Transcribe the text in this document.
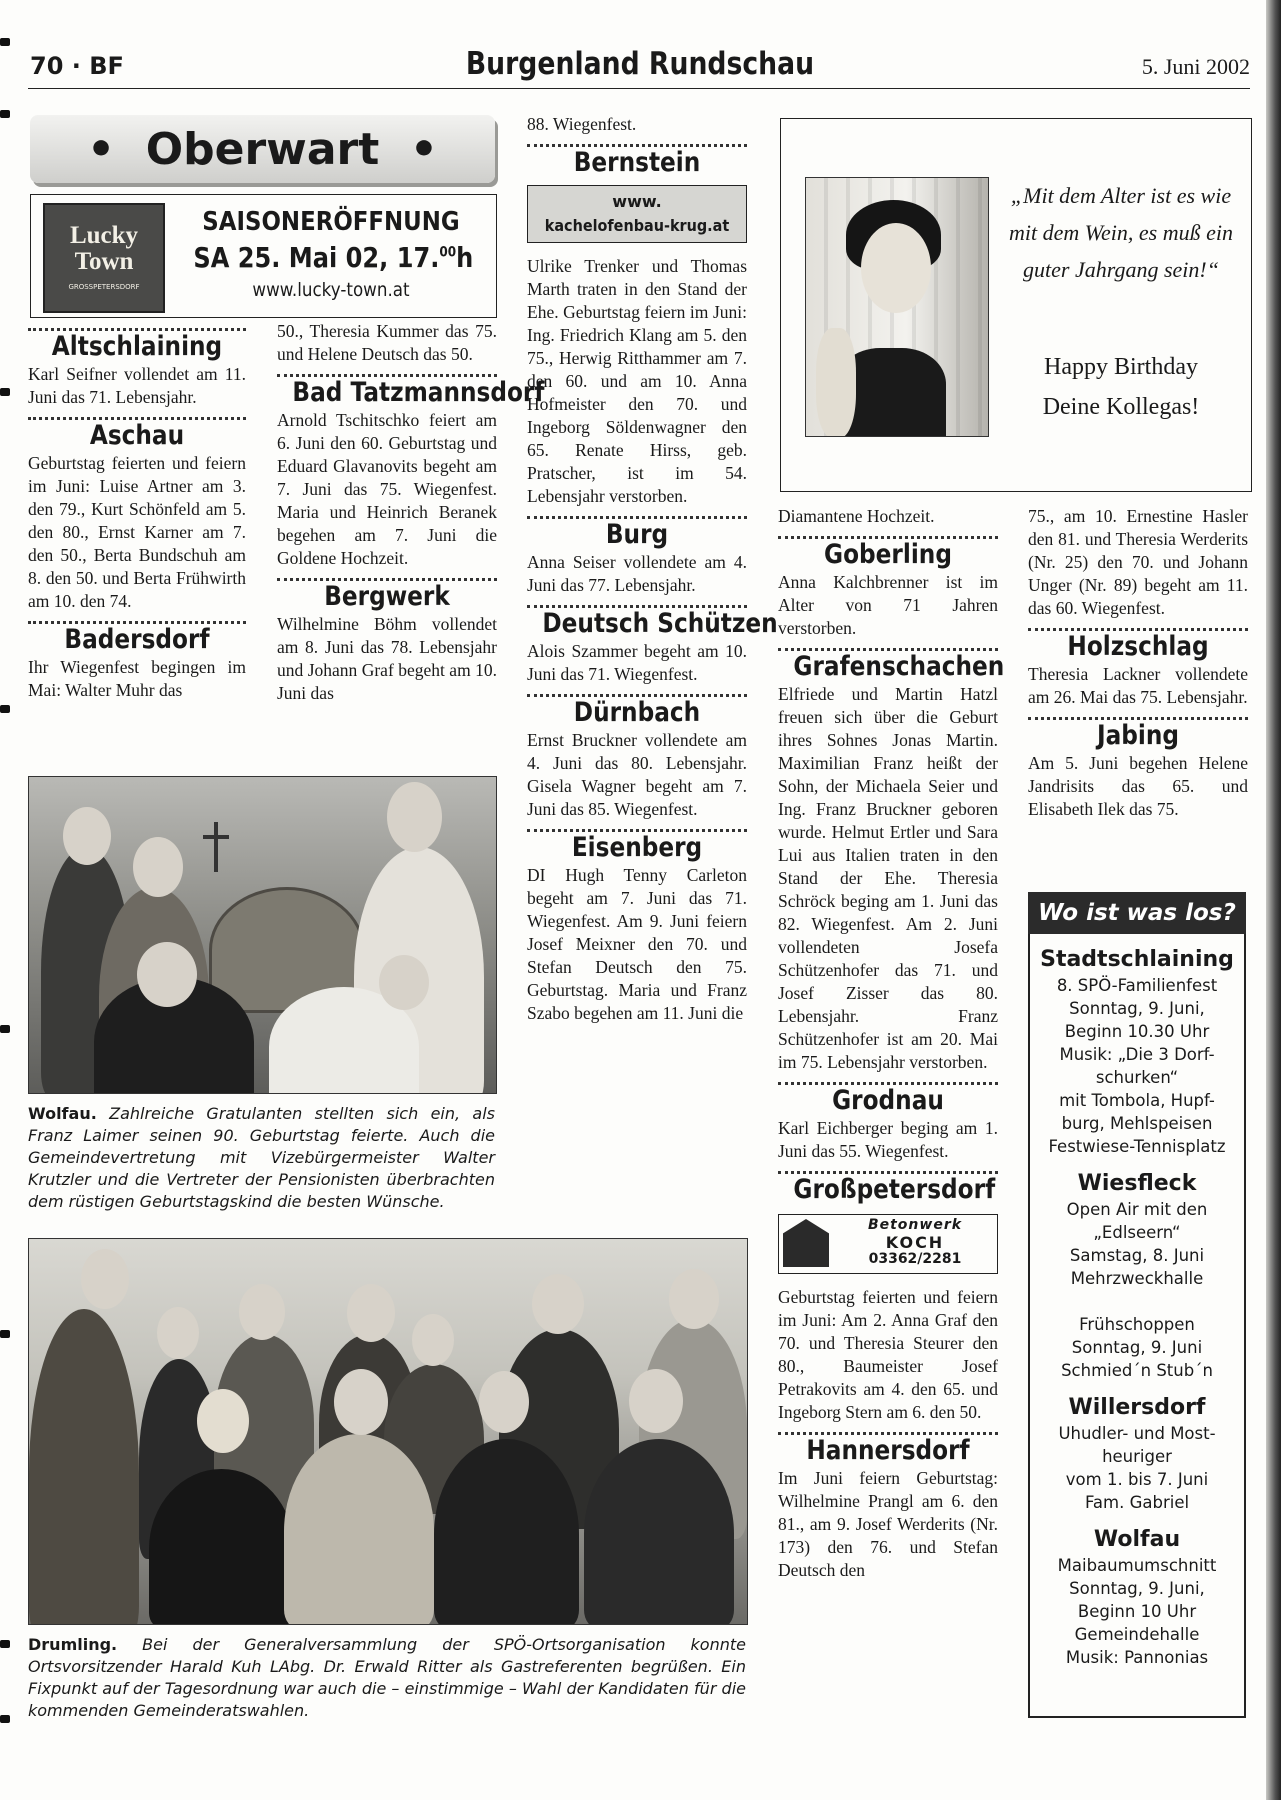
70 · BF	Burgenland Rundschau	5. Juni 2002
•  Oberwart  •
Lucky
Town
GROSSPETERSDORF
SAISONERÖFFNUNG
SA 25. Mai 02, 17.00h
www.lucky-town.at
Altschlaining
Karl Seifner vollendet am 11. Juni das 71. Lebensjahr.
Aschau
Geburtstag feierten und feiern im Juni: Luise Artner am 3. den 79., Kurt Schönfeld am 5. den 80., Ernst Karner am 7. den 50., Berta Bundschuh am 8. den 50. und Berta Frühwirth am 10. den 74.
Badersdorf
Ihr Wiegenfest begingen im Mai: Walter Muhr das
50., Theresia Kummer das 75. und Helene Deutsch das 50.
Bad Tatzmannsdorf
Arnold Tschitschko feiert am 6. Juni den 60. Geburtstag und Eduard Glavanovits begeht am 7. Juni das 75. Wiegenfest. Maria und Heinrich Beranek begehen am 7. Juni die Goldene Hochzeit.
Bergwerk
Wilhelmine Böhm vollendet am 8. Juni das 78. Lebensjahr und Johann Graf begeht am 10. Juni das
Wolfau. Zahlreiche Gratulanten stellten sich ein, als Franz Laimer seinen 90. Geburtstag feierte. Auch die Gemeindevertretung mit Vizebürgermeister Walter Krutzler und die Vertreter der Pensionisten überbrachten dem rüstigen Geburtstagskind die besten Wünsche.
Drumling. Bei der Generalversammlung der SPÖ-Ortsorganisation konnte Ortsvorsitzender Harald Kuh LAbg. Dr. Erwald Ritter als Gastreferenten begrüßen. Ein Fixpunkt auf der Tagesordnung war auch die – einstimmige – Wahl der Kandidaten für die kommenden Gemeinderatswahlen.
88. Wiegenfest.
Bernstein
www.
kachelofenbau-krug.at
Ulrike Trenker und Thomas Marth traten in den Stand der Ehe. Geburtstag feiern im Juni: Ing. Friedrich Klang am 5. den 75., Herwig Ritthammer am 7. den 60. und am 10. Anna Hofmeister den 70. und Ingeborg Söldenwagner den 65. Renate Hirss, geb. Pratscher, ist im 54. Lebensjahr verstorben.
Burg
Anna Seiser vollendete am 4. Juni das 77. Lebensjahr.
Deutsch Schützen
Alois Szammer begeht am 10. Juni das 71. Wiegenfest.
Dürnbach
Ernst Bruckner vollendete am 4. Juni das 80. Lebensjahr. Gisela Wagner begeht am 7. Juni das 85. Wiegenfest.
Eisenberg
DI Hugh Tenny Carleton begeht am 7. Juni das 71. Wiegenfest. Am 9. Juni feiern Josef Meixner den 70. und Stefan Deutsch den 75. Geburtstag. Maria und Franz Szabo begehen am 11. Juni die
„Mit dem Alter ist es wie mit dem Wein, es muß ein guter Jahrgang sein!“
Happy Birthday
Deine Kollegas!
Diamantene Hochzeit.
Goberling
Anna Kalchbrenner ist im Alter von 71 Jahren verstorben.
Grafenschachen
Elfriede und Martin Hatzl freuen sich über die Geburt ihres Sohnes Jonas Martin. Maximilian Franz heißt der Sohn, der Michaela Seier und Ing. Franz Bruckner geboren wurde. Helmut Ertler und Sara Lui aus Italien traten in den Stand der Ehe. Theresia Schröck beging am 1. Juni das 82. Wiegenfest. Am 2. Juni vollendeten Josefa Schützenhofer das 71. und Josef Zisser das 80. Lebensjahr. Franz Schützenhofer ist am 20. Mai im 75. Lebensjahr verstorben.
Grodnau
Karl Eichberger beging am 1. Juni das 55. Wiegenfest.
Großpetersdorf
Betonwerk
KOCH
03362/2281
Geburtstag feierten und feiern im Juni: Am 2. Anna Graf den 70. und Theresia Steurer den 80., Baumeister Josef Petrakovits am 4. den 65. und Ingeborg Stern am 6. den 50.
Hannersdorf
Im Juni feiern Geburtstag: Wilhelmine Prangl am 6. den 81., am 9. Josef Werderits (Nr. 173) den 76. und Stefan Deutsch den
75., am 10. Ernestine Hasler den 81. und Theresia Werderits (Nr. 25) den 70. und Johann Unger (Nr. 89) begeht am 11. das 60. Wiegenfest.
Holzschlag
Theresia Lackner vollendete am 26. Mai das 75. Lebensjahr.
Jabing
Am 5. Juni begehen Helene Jandrisits das 65. und Elisabeth Ilek das 75.
Wo ist was los?
Stadtschlaining
8. SPÖ-Familienfest
Sonntag, 9. Juni,
Beginn 10.30 Uhr
Musik: „Die 3 Dorf-
schurken“
mit Tombola, Hupf-
burg, Mehlspeisen
Festwiese-Tennisplatz
Wiesfleck
Open Air mit den
„Edlseern“
Samstag, 8. Juni
Mehrzweckhalle

Frühschoppen
Sonntag, 9. Juni
Schmied´n Stub´n
Willersdorf
Uhudler- und Most-
heuriger
vom 1. bis 7. Juni
Fam. Gabriel
Wolfau
Maibaumumschnitt
Sonntag, 9. Juni,
Beginn 10 Uhr
Gemeindehalle
Musik: Pannonias
